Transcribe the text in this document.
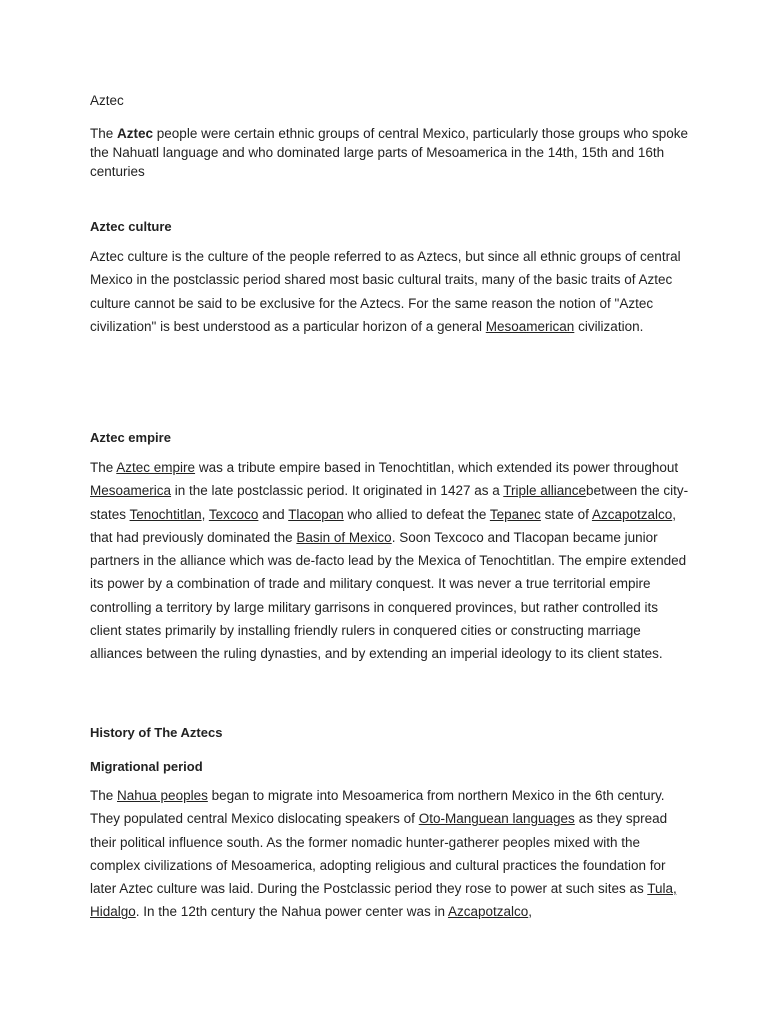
Aztec

The Aztec people were certain ethnic groups of central Mexico, particularly those groups who spoke the Nahuatl language and who dominated large parts of Mesoamerica in the 14th, 15th and 16th centuries

Aztec culture

Aztec culture is the culture of the people referred to as Aztecs, but since all ethnic groups of central Mexico in the postclassic period shared most basic cultural traits, many of the basic traits of Aztec culture cannot be said to be exclusive for the Aztecs. For the same reason the notion of "Aztec civilization" is best understood as a particular horizon of a general Mesoamerican civilization.

Aztec empire

The Aztec empire was a tribute empire based in Tenochtitlan, which extended its power throughout Mesoamerica in the late postclassic period. It originated in 1427 as a Triple alliancebetween the city-states Tenochtitlan, Texcoco and Tlacopan who allied to defeat the Tepanec state of Azcapotzalco, that had previously dominated the Basin of Mexico. Soon Texcoco and Tlacopan became junior partners in the alliance which was de-facto lead by the Mexica of Tenochtitlan. The empire extended its power by a combination of trade and military conquest. It was never a true territorial empire controlling a territory by large military garrisons in conquered provinces, but rather controlled its client states primarily by installing friendly rulers in conquered cities or constructing marriage alliances between the ruling dynasties, and by extending an imperial ideology to its client states.

History of The Aztecs
Migrational period

The Nahua peoples began to migrate into Mesoamerica from northern Mexico in the 6th century. They populated central Mexico dislocating speakers of Oto-Manguean languages as they spread their political influence south. As the former nomadic hunter-gatherer peoples mixed with the complex civilizations of Mesoamerica, adopting religious and cultural practices the foundation for later Aztec culture was laid. During the Postclassic period they rose to power at such sites as Tula, Hidalgo. In the 12th century the Nahua power center was in Azcapotzalco,
